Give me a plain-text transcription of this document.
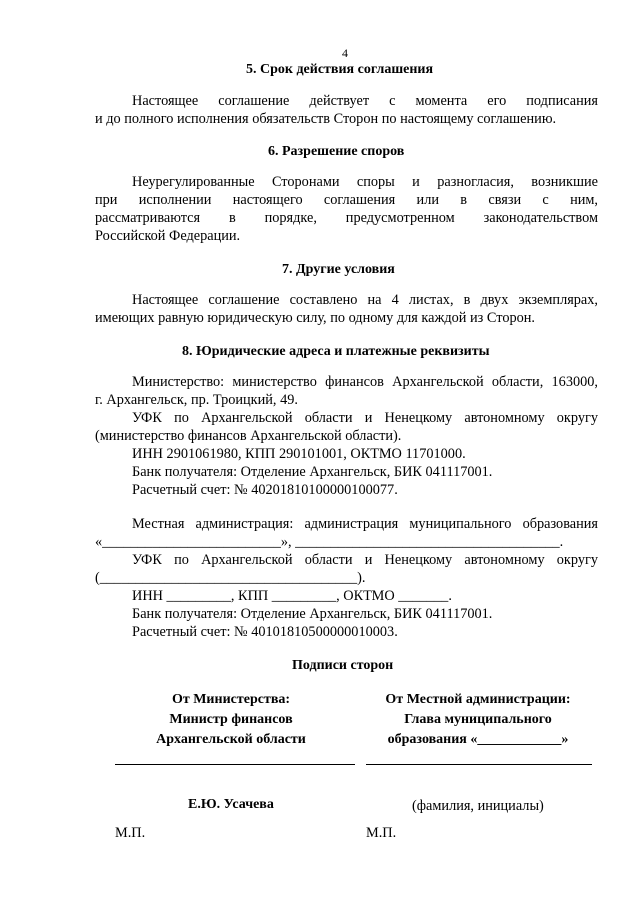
4
5. Срок действия соглашения
Настоящее соглашение действует с момента его подписания
и до полного исполнения обязательств Сторон по настоящему соглашению.
6. Разрешение споров
Неурегулированные Сторонами споры и разногласия, возникшие
при исполнении настоящего соглашения или в связи с ним,
рассматриваются в порядке, предусмотренном законодательством
Российской Федерации.
7. Другие условия
Настоящее соглашение составлено на 4 листах, в двух экземплярах,
имеющих равную юридическую силу, по одному для каждой из Сторон.
8. Юридические адреса и платежные реквизиты
Министерство: министерство финансов Архангельской области, 163000,
г. Архангельск, пр. Троицкий, 49.
УФК по Архангельской области и Ненецкому автономному округу
(министерство финансов Архангельской области).
ИНН 2901061980, КПП 290101001, ОКТМО 11701000.
Банк получателя: Отделение Архангельск, БИК 041117001.
Расчетный счет: № 40201810100000100077.
Местная администрация: администрация муниципального образования
«_________________________», _____________________________________.
УФК по Архангельской области и Ненецкому автономному округу
(____________________________________).
ИНН _________, КПП _________, ОКТМО _______.
Банк получателя: Отделение Архангельск, БИК 041117001.
Расчетный счет: № 40101810500000010003.
Подписи сторон
От Министерства:
Министр финансов
Архангельской области
От Местной администрации:
Глава муниципального
образования «____________»
Е.Ю. Усачева	(фамилия, инициалы)
М.П.	М.П.
